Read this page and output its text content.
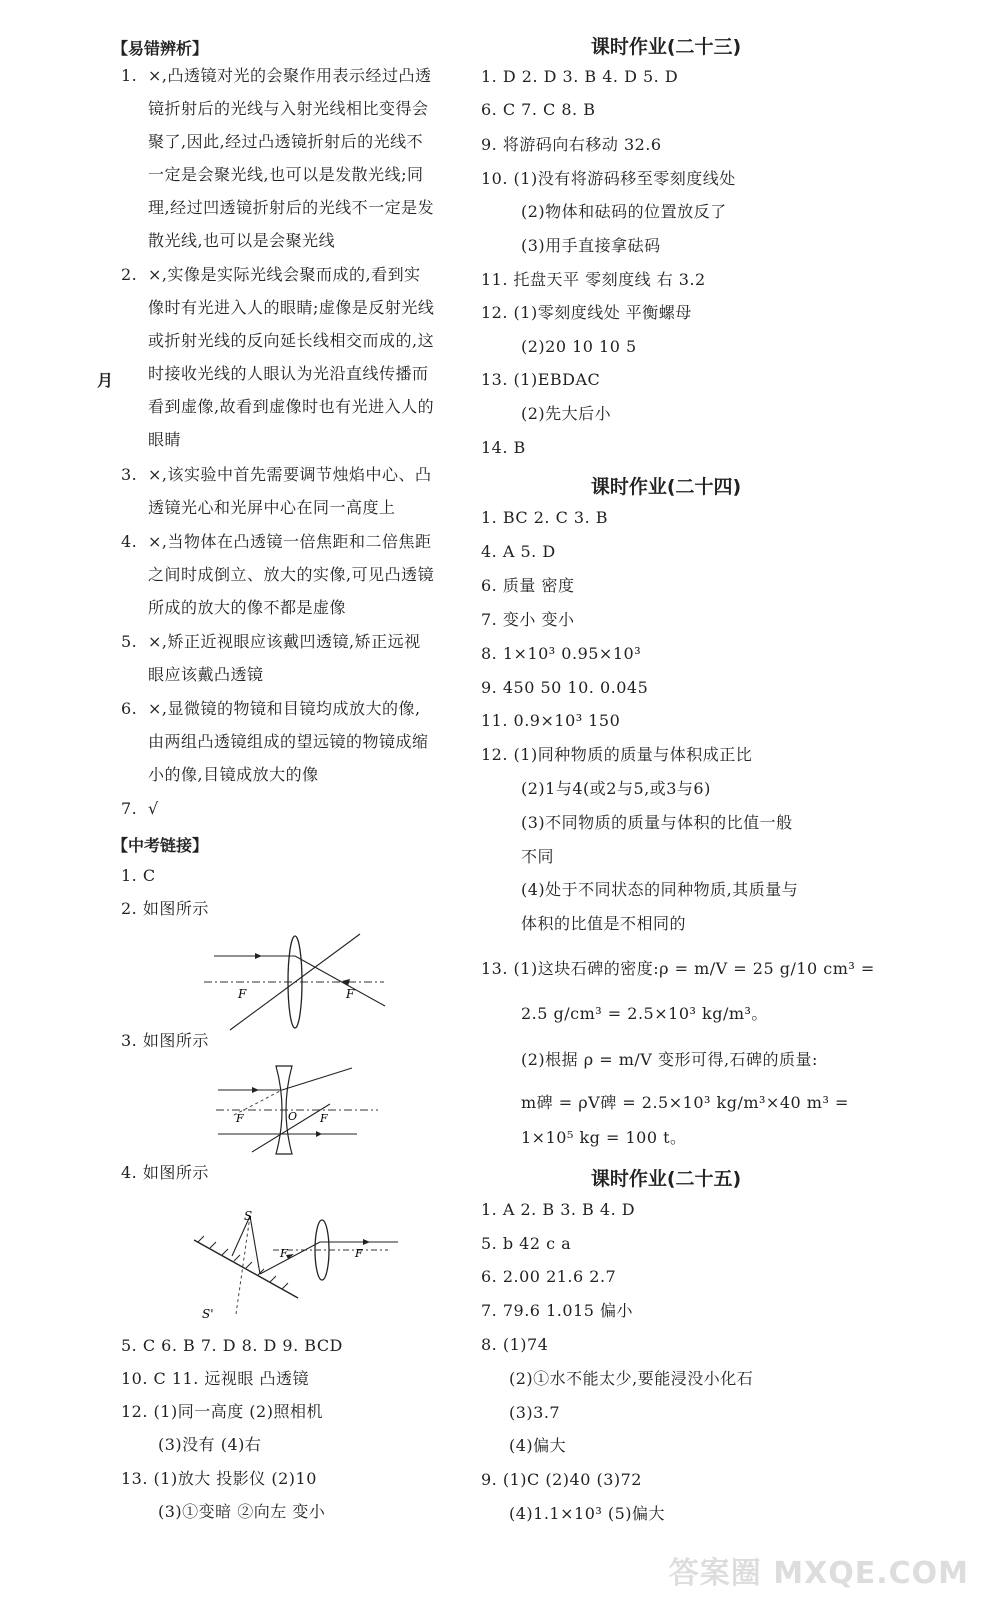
【易错辨析】
1. ×,凸透镜对光的会聚作用表示经过凸透
镜折射后的光线与入射光线相比变得会
聚了,因此,经过凸透镜折射后的光线不
一定是会聚光线,也可以是发散光线;同
理,经过凹透镜折射后的光线不一定是发
散光线,也可以是会聚光线
2. ×,实像是实际光线会聚而成的,看到实
像时有光进入人的眼睛;虚像是反射光线
或折射光线的反向延长线相交而成的,这
时接收光线的人眼认为光沿直线传播而
看到虚像,故看到虚像时也有光进入人的
眼睛
3. ×,该实验中首先需要调节烛焰中心、凸
透镜光心和光屏中心在同一高度上
4. ×,当物体在凸透镜一倍焦距和二倍焦距
之间时成倒立、放大的实像,可见凸透镜
所成的放大的像不都是虚像
5. ×,矫正近视眼应该戴凹透镜,矫正远视
眼应该戴凸透镜
6. ×,显微镜的物镜和目镜均成放大的像,
由两组凸透镜组成的望远镜的物镜成缩
小的像,目镜成放大的像
7. √
【中考链接】
1. C
2. 如图所示
3. 如图所示
4. 如图所示
5. C 6. B 7. D 8. D 9. BCD
10. C 11. 远视眼 凸透镜
12. (1)同一高度 (2)照相机
(3)没有 (4)右
13. (1)放大 投影仪 (2)10
(3)①变暗 ②向左 变小
月
F	F
F	O F
S
S'
F	F
课时作业(二十三)
1. D 2. D 3. B 4. D 5. D
6. C 7. C 8. B
9. 将游码向右移动 32.6
10. (1)没有将游码移至零刻度线处
(2)物体和砝码的位置放反了
(3)用手直接拿砝码
11. 托盘天平 零刻度线 右 3.2
12. (1)零刻度线处 平衡螺母
(2)20 10 10 5
13. (1)EBDAC
(2)先大后小
14. B
课时作业(二十四)
1. BC 2. C 3. B
4. A 5. D
6. 质量 密度
7. 变小 变小
8. 1×10³ 0.95×10³
9. 450 50 10. 0.045
11. 0.9×10³ 150
12. (1)同种物质的质量与体积成正比
(2)1与4(或2与5,或3与6)
(3)不同物质的质量与体积的比值一般
不同
(4)处于不同状态的同种物质,其质量与
体积的比值是不相同的
13. (1)这块石碑的密度:ρ = m/V = 25 g/10 cm³ =
2.5 g/cm³ = 2.5×10³ kg/m³。
(2)根据 ρ = m/V 变形可得,石碑的质量:
m碑 = ρV碑 = 2.5×10³ kg/m³×40 m³ =
1×10⁵ kg = 100 t。
课时作业(二十五)
1. A 2. B 3. B 4. D
5. b 42 c a
6. 2.00 21.6 2.7
7. 79.6 1.015 偏小
8. (1)74
(2)①水不能太少,要能浸没小化石
(3)3.7
(4)偏大
9. (1)C (2)40 (3)72
(4)1.1×10³ (5)偏大
答案圈 MXQE.COM
